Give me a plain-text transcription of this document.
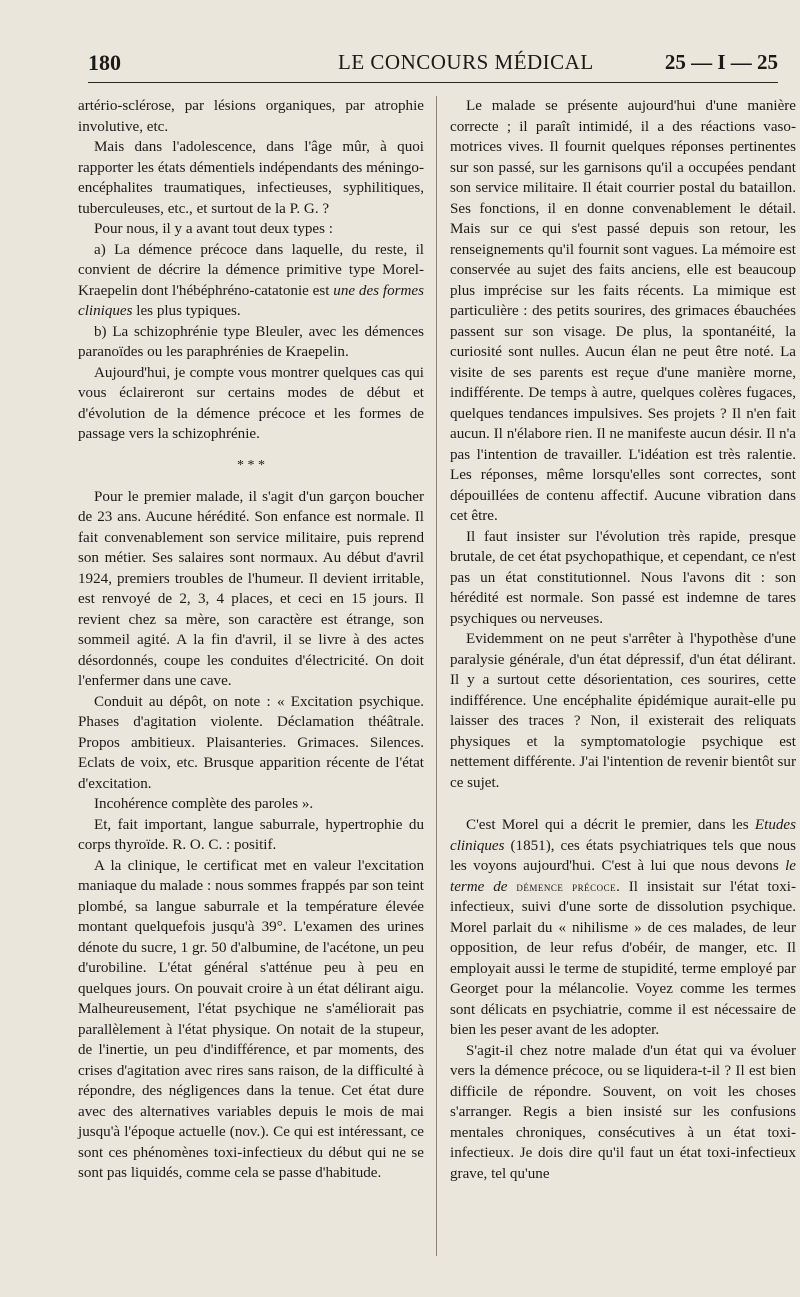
180	LE CONCOURS MÉDICAL	25 — I — 25

artério-sclérose, par lésions organiques, par atrophie involutive, etc.

Mais dans l'adolescence, dans l'âge mûr, à quoi rapporter les états démentiels indépendants des méningo-encéphalites traumatiques, infectieuses, syphilitiques, tuberculeuses, etc., et surtout de la P. G. ?

Pour nous, il y a avant tout deux types :

a) La démence précoce dans laquelle, du reste, il convient de décrire la démence primitive type Morel-Kraepelin dont l'hébéphréno-catatonie est une des formes cliniques les plus typiques.

b) La schizophrénie type Bleuler, avec les démences paranoïdes ou les paraphrénies de Kraepelin.

Aujourd'hui, je compte vous montrer quelques cas qui vous éclaireront sur certains modes de début et d'évolution de la démence précoce et les formes de passage vers la schizophrénie.

* * *

Pour le premier malade, il s'agit d'un garçon boucher de 23 ans. Aucune hérédité. Son enfance est normale. Il fait convenablement son service militaire, puis reprend son métier. Ses salaires sont normaux. Au début d'avril 1924, premiers troubles de l'humeur. Il devient irritable, est renvoyé de 2, 3, 4 places, et ceci en 15 jours. Il revient chez sa mère, son caractère est étrange, son sommeil agité. A la fin d'avril, il se livre à des actes désordonnés, coupe les conduites d'électricité. On doit l'enfermer dans une cave.

Conduit au dépôt, on note : « Excitation psychique. Phases d'agitation violente. Déclamation théâtrale. Propos ambitieux. Plaisanteries. Grimaces. Silences. Eclats de voix, etc. Brusque apparition récente de l'état d'excitation.

Incohérence complète des paroles ».

Et, fait important, langue saburrale, hypertrophie du corps thyroïde. R. O. C. : positif.

A la clinique, le certificat met en valeur l'excitation maniaque du malade : nous sommes frappés par son teint plombé, sa langue saburrale et la température élevée montant quelquefois jusqu'à 39°. L'examen des urines dénote du sucre, 1 gr. 50 d'albumine, de l'acétone, un peu d'urobiline. L'état général s'atténue peu à peu en quelques jours. On pouvait croire à un état délirant aigu. Malheureusement, l'état psychique ne s'améliorait pas parallèlement à l'état physique. On notait de la stupeur, de l'inertie, un peu d'indifférence, et par moments, des crises d'agitation avec rires sans raison, de la difficulté à répondre, des négligences dans la tenue. Cet état dure avec des alternatives variables depuis le mois de mai jusqu'à l'époque actuelle (nov.). Ce qui est intéressant, ce sont ces phénomènes toxi-infectieux du début qui ne se sont pas liquidés, comme cela se passe d'habitude.

Le malade se présente aujourd'hui d'une manière correcte ; il paraît intimidé, il a des réactions vaso-motrices vives. Il fournit quelques réponses pertinentes sur son passé, sur les garnisons qu'il a occupées pendant son service militaire. Il était courrier postal du bataillon. Ses fonctions, il en donne convenablement le détail. Mais sur ce qui s'est passé depuis son retour, les renseignements qu'il fournit sont vagues. La mémoire est conservée au sujet des faits anciens, elle est beaucoup plus imprécise sur les faits récents. La mimique est particulière : des petits sourires, des grimaces ébauchées passent sur son visage. De plus, la spontanéité, la curiosité sont nulles. Aucun élan ne peut être noté. La visite de ses parents est reçue d'une manière morne, indifférente. De temps à autre, quelques colères fugaces, quelques tendances impulsives. Ses projets ? Il n'en fait aucun. Il n'élabore rien. Il ne manifeste aucun désir. Il n'a pas l'intention de travailler. L'idéation est très ralentie. Les réponses, même lorsqu'elles sont correctes, sont dépouillées de contenu affectif. Aucune vibration dans cet être.

Il faut insister sur l'évolution très rapide, presque brutale, de cet état psychopathique, et cependant, ce n'est pas un état constitutionnel. Nous l'avons dit : son hérédité est normale. Son passé est indemne de tares psychiques ou nerveuses.

Evidemment on ne peut s'arrêter à l'hypothèse d'une paralysie générale, d'un état dépressif, d'un état délirant. Il y a surtout cette désorientation, ces sourires, cette indifférence. Une encéphalite épidémique aurait-elle pu laisser des traces ? Non, il existerait des reliquats physiques et la symptomatologie psychique est nettement différente. J'ai l'intention de revenir bientôt sur ce sujet.

C'est Morel qui a décrit le premier, dans les Etudes cliniques (1851), ces états psychiatriques tels que nous les voyons aujourd'hui. C'est à lui que nous devons le terme de démence précoce. Il insistait sur l'état toxi-infectieux, suivi d'une sorte de dissolution psychique. Morel parlait du « nihilisme » de ces malades, de leur opposition, de leur refus d'obéir, de manger, etc. Il employait aussi le terme de stupidité, terme employé par Georget pour la mélancolie. Voyez comme les termes sont délicats en psychiatrie, comme il est nécessaire de bien les peser avant de les adopter.

S'agit-il chez notre malade d'un état qui va évoluer vers la démence précoce, ou se liquidera-t-il ? Il est bien difficile de répondre. Souvent, on voit les choses s'arranger. Regis a bien insisté sur les confusions mentales chroniques, consécutives à un état toxi-infectieux. Je dois dire qu'il faut un état toxi-infectieux grave, tel qu'une
